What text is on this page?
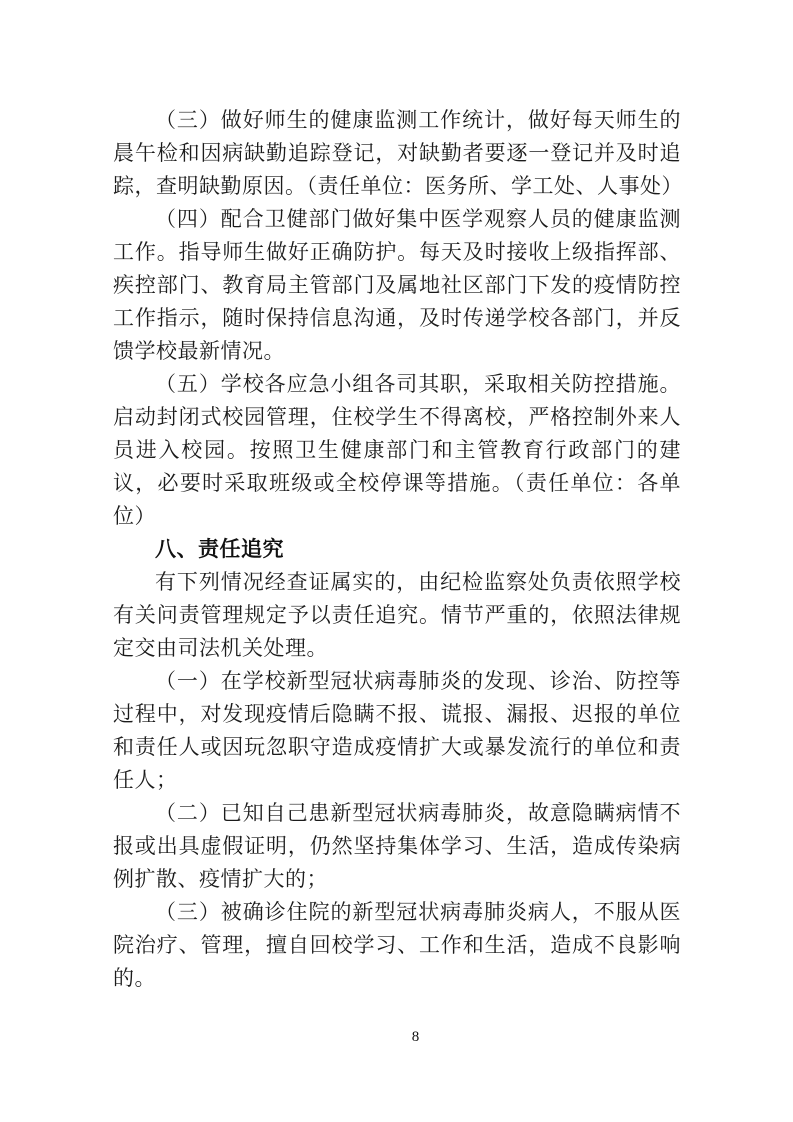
（三）做好师生的健康监测工作统计，做好每天师生的晨午检和因病缺勤追踪登记，对缺勤者要逐一登记并及时追踪，查明缺勤原因。（责任单位：医务所、学工处、人事处）

（四）配合卫健部门做好集中医学观察人员的健康监测工作。指导师生做好正确防护。每天及时接收上级指挥部、疾控部门、教育局主管部门及属地社区部门下发的疫情防控工作指示，随时保持信息沟通，及时传递学校各部门，并反馈学校最新情况。

（五）学校各应急小组各司其职，采取相关防控措施。启动封闭式校园管理，住校学生不得离校，严格控制外来人员进入校园。按照卫生健康部门和主管教育行政部门的建议，必要时采取班级或全校停课等措施。（责任单位：各单位）

八、责任追究

有下列情况经查证属实的，由纪检监察处负责依照学校有关问责管理规定予以责任追究。情节严重的，依照法律规定交由司法机关处理。

（一）在学校新型冠状病毒肺炎的发现、诊治、防控等过程中，对发现疫情后隐瞒不报、谎报、漏报、迟报的单位和责任人或因玩忽职守造成疫情扩大或暴发流行的单位和责任人；

（二）已知自己患新型冠状病毒肺炎，故意隐瞒病情不报或出具虚假证明，仍然坚持集体学习、生活，造成传染病例扩散、疫情扩大的；

（三）被确诊住院的新型冠状病毒肺炎病人，不服从医院治疗、管理，擅自回校学习、工作和生活，造成不良影响的。

8
